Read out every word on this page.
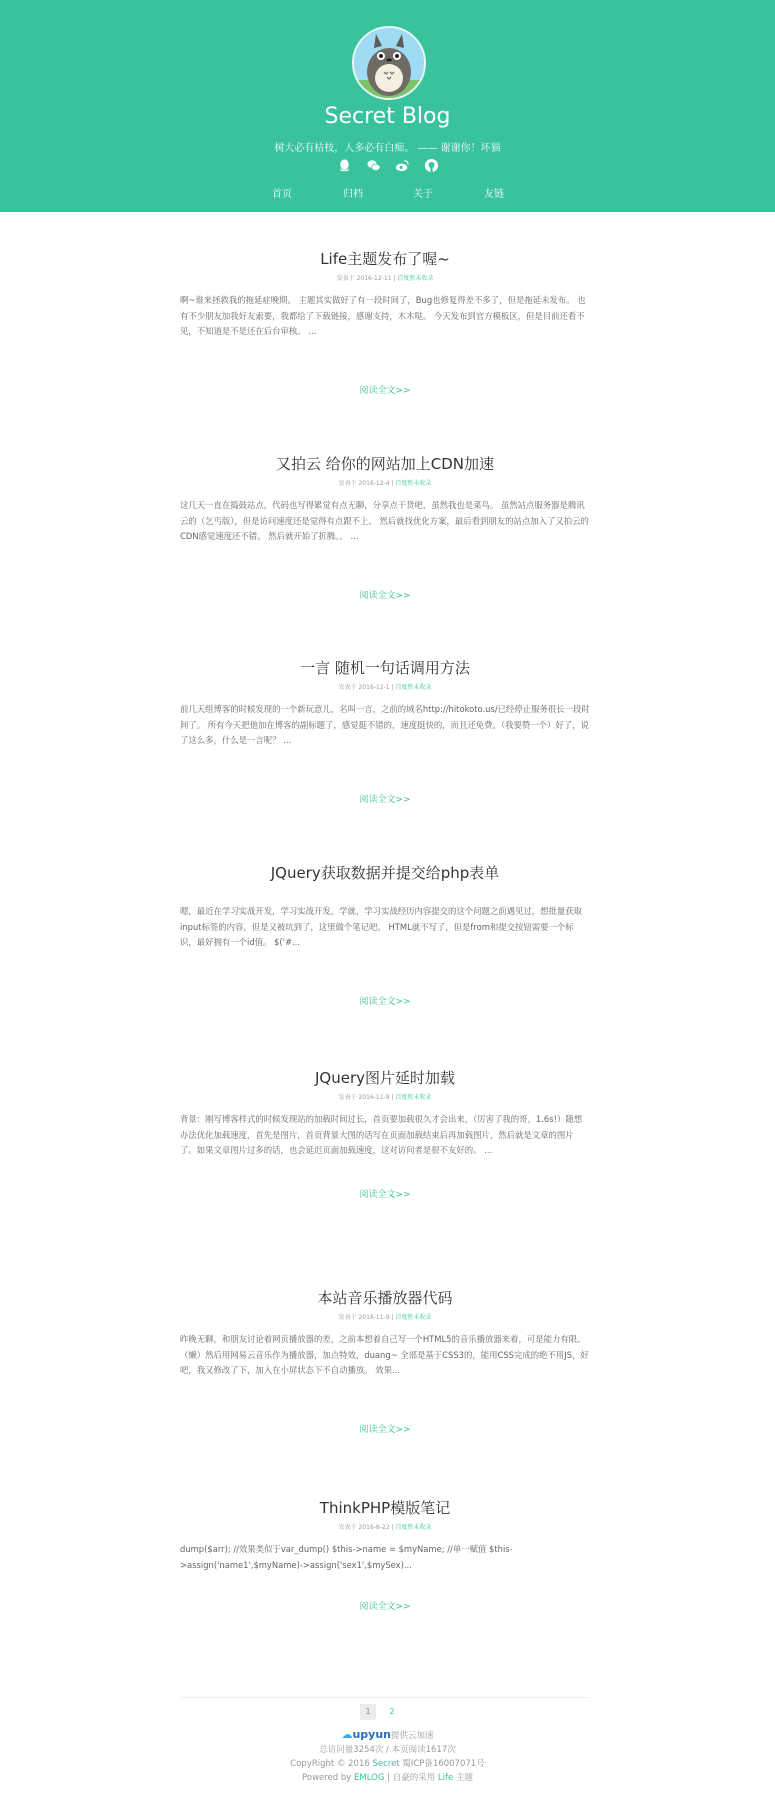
Secret Blog
树大必有枯枝，人多必有白痴。 —— 谢谢你！坏猫
首页	归档	关于	友链
Life主题发布了喔~
发表于 2016-12-11 | 百度暂未收录
啊~谁来拯救我的拖延症晚期。 主题其实做好了有一段时间了，Bug也修复得差不多了，但是拖延未发布。 也有不少朋友加我好友索要，我都给了下载链接，感谢支持，木木哒。 今天发布到官方模板区，但是目前还看不见，不知道是不是还在后台审核。 ...
阅读全文>>
又拍云 给你的网站加上CDN加速
发表于 2016-12-4 | 百度暂未收录
这几天一直在捣鼓站点，代码也写得累觉有点无聊，分享点干货吧，虽然我也是菜鸟。 虽然站点服务器是腾讯云的（乞丐版），但是访问速度还是觉得有点跟不上。 然后就找优化方案，最后看到朋友的站点加入了又拍云的CDN感觉速度还不错。 然后就开始了折腾。。 ...
阅读全文>>
一言 随机一句话调用方法
发表于 2016-12-1 | 百度暂未收录
前几天组博客的时候发现的一个新玩意儿，名叫一言，之前的域名http://hitokoto.us/已经停止服务很长一段时间了。 所有今天把他加在博客的副标题了，感觉挺不错的，速度挺快的，而且还免费。（我要赞一个）好了，说了这么多，什么是一言呢？ ...
阅读全文>>
JQuery获取数据并提交给php表单
嗯，最近在学习实战开发，学习实战开发，学就，学习实战经历内容提交的这个问题之前遇见过，想批量获取input标签的内容，但是又被坑到了，这里做个笔记吧。 HTML就不写了，但是from和提交按钮需要一个标识，最好拥有一个id值。 $('#...
阅读全文>>
JQuery图片延时加载
发表于 2016-11-9 | 百度暂未收录
背景：刚写博客样式的时候发现站的加载时间过长，首页要加载很久才会出来，（厉害了我的哥，1.6s!）随想办法优化加载速度，首先是图片，首页背景大图的话写在页面加载结束后再加载图片，然后就是文章的图片了。如果文章图片过多的话，也会延迟页面加载速度，这对访问者是很不友好的。 ...
阅读全文>>
本站音乐播放器代码
发表于 2016-11-9 | 百度暂未收录
昨晚无聊，和朋友讨论着网页播放器的差，之前本想着自己写一个HTML5的音乐播放器来着，可是能力有限。（懒）然后用网易云音乐作为播放器，加点特效，duang~ 全部是基于CSS3的，能用CSS完成的绝不用JS，好吧，我又修改了下，加入在小屏状态下不自动播放。 效果...
阅读全文>>
ThinkPHP模版笔记
发表于 2016-8-22 | 百度暂未收录
dump($arr); //效果类似于var_dump() $this->name = $myName; //单一赋值 $this->assign('name1',$myName)->assign('sex1',$mySex)...
阅读全文>>
1	2
☁upyun提供云加速
总访问量3254次 / 本页阅读1617次
CopyRight © 2016 Secret 蜀ICP备16007071号
Powered by EMLOG | 自豪的采用 Life 主题
